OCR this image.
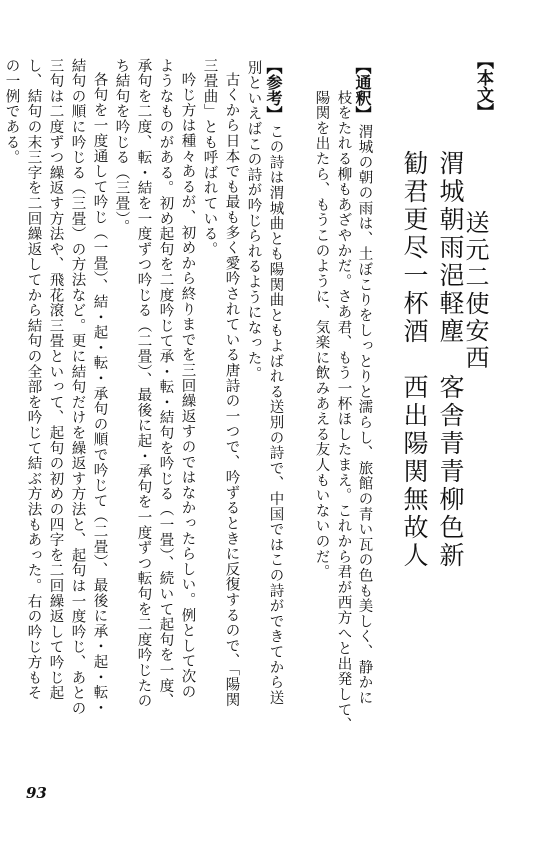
【本文】
送元二使安西
渭城朝雨浥軽塵　客舎青青柳色新
勧君更尽一杯酒　西出陽関無故人
【通釈】
渭城の朝の雨は、土ぼこりをしっとりと濡らし、旅館の青い瓦の色も美しく、静かに
枝をたれる柳もあざやかだ。さあ君、もう一杯ほしたまえ。これから君が西方へと出発して、
陽関を出たら、もうこのように、気楽に飲みあえる友人もいないのだ。
【参考】
この詩は渭城曲とも陽関曲ともよばれる送別の詩で、中国ではこの詩ができてから送
別といえばこの詩が吟じられるようになった。
古くから日本でも最も多く愛吟されている唐詩の一つで、吟ずるときに反復するので、「陽関
三畳曲」とも呼ばれている。
吟じ方は種々あるが、初めから終りまでを三回繰返すのではなかったらしい。例として次の
ようなものがある。初め起句を二度吟じて承・転・結句を吟じる（一畳）、続いて起句を一度、
承句を二度、転・結を一度ずつ吟じる（二畳）、最後に起・承句を一度ずつ転句を二度吟じたの
ち結句を吟じる（三畳）。
各句を一度通して吟じ（一畳）、結・起・転・承句の順で吟じて（二畳）、最後に承・起・転・
結句の順に吟じる（三畳）の方法など。更に結句だけを繰返す方法と、起句は一度吟じ、あとの
三句は二度ずつ繰返す方法や、飛花滾三畳といって、起句の初めの四字を二回繰返して吟じ起
し、結句の末三字を二回繰返してから結句の全部を吟じて結ぶ方法もあった。右の吟じ方もそ
の一例である。
93
